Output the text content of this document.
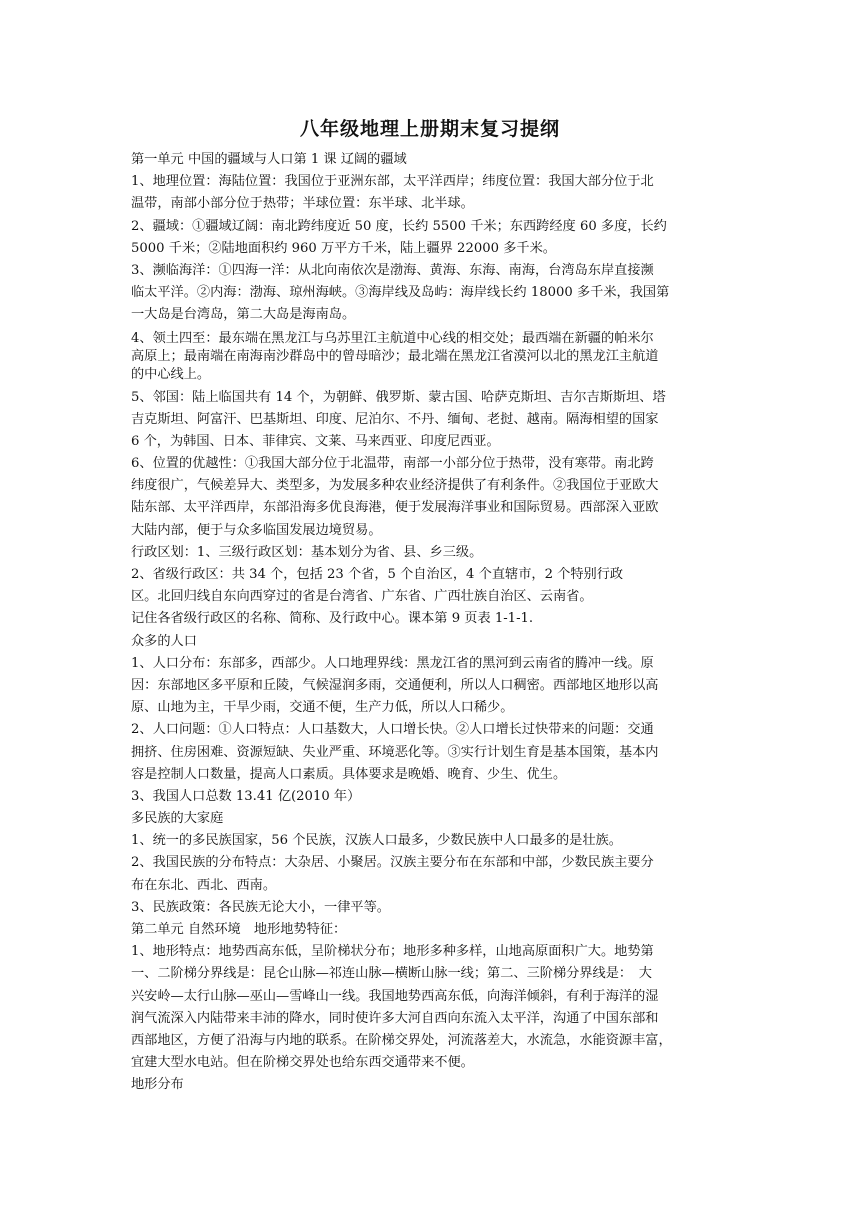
八年级地理上册期末复习提纲
第一单元 中国的疆域与人口第 1 课 辽阔的疆域
1、地理位置：海陆位置：我国位于亚洲东部，太平洋西岸；纬度位置：我国大部分位于北
温带，南部小部分位于热带；半球位置：东半球、北半球。
2、疆域：①疆域辽阔：南北跨纬度近 50 度，长约 5500 千米；东西跨经度 60 多度，长约
5000 千米；②陆地面积约 960 万平方千米，陆上疆界 22000 多千米。
3、濒临海洋：①四海一洋：从北向南依次是渤海、黄海、东海、南海，台湾岛东岸直接濒
临太平洋。②内海：渤海、琼州海峡。③海岸线及岛屿：海岸线长约 18000 多千米，我国第
一大岛是台湾岛，第二大岛是海南岛。
4、领土四至：最东端在黑龙江与乌苏里江主航道中心线的相交处；最西端在新疆的帕米尔
高原上；最南端在南海南沙群岛中的曾母暗沙；最北端在黑龙江省漠河以北的黑龙江主航道
的中心线上。
5、邻国：陆上临国共有 14 个，为朝鲜、俄罗斯、蒙古国、哈萨克斯坦、吉尔吉斯斯坦、塔
吉克斯坦、阿富汗、巴基斯坦、印度、尼泊尔、不丹、缅甸、老挝、越南。隔海相望的国家
6 个，为韩国、日本、菲律宾、文莱、马来西亚、印度尼西亚。
6、位置的优越性：①我国大部分位于北温带，南部一小部分位于热带，没有寒带。南北跨
纬度很广，气候差异大、类型多，为发展多种农业经济提供了有利条件。②我国位于亚欧大
陆东部、太平洋西岸，东部沿海多优良海港，便于发展海洋事业和国际贸易。西部深入亚欧
大陆内部，便于与众多临国发展边境贸易。
行政区划：1、三级行政区划：基本划分为省、县、乡三级。
2、省级行政区：共 34 个，包括 23 个省，5 个自治区，4 个直辖市，2 个特别行政
区。北回归线自东向西穿过的省是台湾省、广东省、广西壮族自治区、云南省。
记住各省级行政区的名称、简称、及行政中心。课本第 9 页表 1-1-1.
众多的人口
1、人口分布：东部多，西部少。人口地理界线：黑龙江省的黑河到云南省的腾冲一线。原
因：东部地区多平原和丘陵，气候湿润多雨，交通便利，所以人口稠密。西部地区地形以高
原、山地为主，干旱少雨，交通不便，生产力低，所以人口稀少。
2、人口问题：①人口特点：人口基数大，人口增长快。②人口增长过快带来的问题：交通
拥挤、住房困难、资源短缺、失业严重、环境恶化等。③实行计划生育是基本国策，基本内
容是控制人口数量，提高人口素质。具体要求是晚婚、晚育、少生、优生。
3、我国人口总数 13.41 亿(2010 年）
多民族的大家庭
1、统一的多民族国家，56 个民族，汉族人口最多，少数民族中人口最多的是壮族。
2、我国民族的分布特点：大杂居、小聚居。汉族主要分布在东部和中部，少数民族主要分
布在东北、西北、西南。
3、民族政策：各民族无论大小，一律平等。
第二单元 自然环境　地形地势特征：
1、地形特点：地势西高东低，呈阶梯状分布；地形多种多样，山地高原面积广大。地势第
一、二阶梯分界线是：昆仑山脉—祁连山脉—横断山脉一线；第二、三阶梯分界线是：　大
兴安岭—太行山脉—巫山—雪峰山一线。我国地势西高东低，向海洋倾斜，有利于海洋的湿
润气流深入内陆带来丰沛的降水，同时使许多大河自西向东流入太平洋，沟通了中国东部和
西部地区，方便了沿海与内地的联系。在阶梯交界处，河流落差大，水流急，水能资源丰富，
宜建大型水电站。但在阶梯交界处也给东西交通带来不便。
地形分布
